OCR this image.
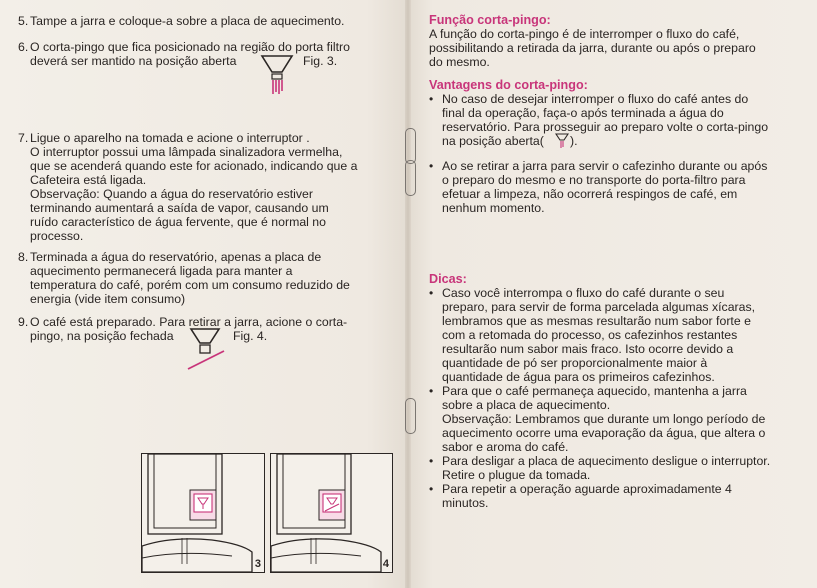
5. Tampe a jarra e coloque-a sobre a placa de aquecimento.
6. O corta-pingo que fica posicionado na região do porta filtro
deverá ser mantido na posição aberta	Fig. 3.
7. Ligue o aparelho na tomada e acione o interruptor .
O interruptor possui uma lâmpada sinalizadora vermelha,
que se acenderá quando este for acionado, indicando que a
Cafeteira está ligada.
Observação: Quando a água do reservatório estiver
terminando aumentará a saída de vapor, causando um
ruído característico de água fervente, que é normal no
processo.
8. Terminada a água do reservatório, apenas a placa de
aquecimento permanecerá ligada para manter a
temperatura do café, porém com um consumo reduzido de
energia (vide item consumo)
9. O café está preparado. Para retirar a jarra, acione o corta-
pingo, na posição fechada	Fig. 4.
3	4
Função corta-pingo:
A função do corta-pingo é de interromper o fluxo do café,
possibilitando a retirada da jarra, durante ou após o preparo
do mesmo.
Vantagens do corta-pingo:
• No caso de desejar interromper o fluxo do café antes do
final da operação, faça-o após terminada a água do
reservatório. Para prosseguir ao preparo volte o corta-pingo
na posição aberta( ).
• Ao se retirar a jarra para servir o cafezinho durante ou após
o preparo do mesmo e no transporte do porta-filtro para
efetuar a limpeza, não ocorrerá respingos de café, em
nenhum momento.
Dicas:
• Caso você interrompa o fluxo do café durante o seu
preparo, para servir de forma parcelada algumas xícaras,
lembramos que as mesmas resultarão num sabor forte e
com a retomada do processo, os cafezinhos restantes
resultarão num sabor mais fraco. Isto ocorre devido a
quantidade de pó ser proporcionalmente maior à
quantidade de água para os primeiros cafezinhos.
• Para que o café permaneça aquecido, mantenha a jarra
sobre a placa de aquecimento.
Observação: Lembramos que durante um longo período de
aquecimento ocorre uma evaporação da água, que altera o
sabor e aroma do café.
• Para desligar a placa de aquecimento desligue o interruptor.
Retire o plugue da tomada.
• Para repetir a operação aguarde aproximadamente 4
minutos.
